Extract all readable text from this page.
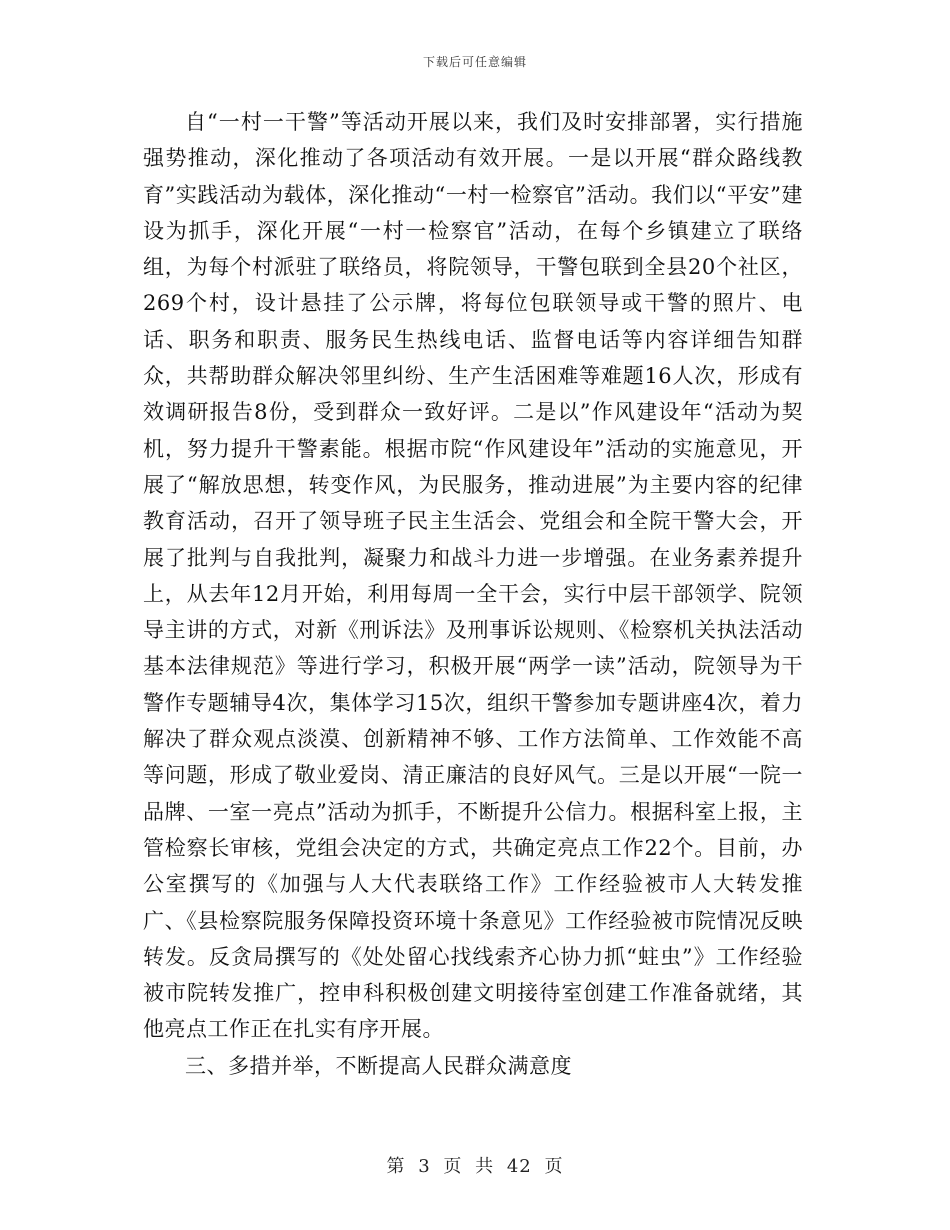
下载后可任意编辑

自“一村一干警”等活动开展以来，我们及时安排部署，实行措施强势推动，深化推动了各项活动有效开展。一是以开展“群众路线教育”实践活动为载体，深化推动“一村一检察官”活动。我们以“平安”建设为抓手，深化开展“一村一检察官”活动，在每个乡镇建立了联络组，为每个村派驻了联络员，将院领导，干警包联到全县20个社区，269个村，设计悬挂了公示牌，将每位包联领导或干警的照片、电话、职务和职责、服务民生热线电话、监督电话等内容详细告知群众，共帮助群众解决邻里纠纷、生产生活困难等难题16人次，形成有效调研报告8份，受到群众一致好评。二是以”作风建设年“活动为契机，努力提升干警素能。根据市院“作风建设年”活动的实施意见，开展了“解放思想，转变作风，为民服务，推动进展”为主要内容的纪律教育活动，召开了领导班子民主生活会、党组会和全院干警大会，开展了批判与自我批判，凝聚力和战斗力进一步增强。在业务素养提升上，从去年12月开始，利用每周一全干会，实行中层干部领学、院领导主讲的方式，对新《刑诉法》及刑事诉讼规则、《检察机关执法活动基本法律规范》等进行学习，积极开展“两学一读”活动，院领导为干警作专题辅导4次，集体学习15次，组织干警参加专题讲座4次，着力解决了群众观点淡漠、创新精神不够、工作方法简单、工作效能不高等问题，形成了敬业爱岗、清正廉洁的良好风气。三是以开展“一院一品牌、一室一亮点”活动为抓手，不断提升公信力。根据科室上报，主管检察长审核，党组会决定的方式，共确定亮点工作22个。目前，办公室撰写的《加强与人大代表联络工作》工作经验被市人大转发推广、《县检察院服务保障投资环境十条意见》工作经验被市院情况反映转发。反贪局撰写的《处处留心找线索齐心协力抓“蛀虫”》工作经验被市院转发推广，控申科积极创建文明接待室创建工作准备就绪，其他亮点工作正在扎实有序开展。

三、多措并举，不断提高人民群众满意度

第 3 页 共 42 页
